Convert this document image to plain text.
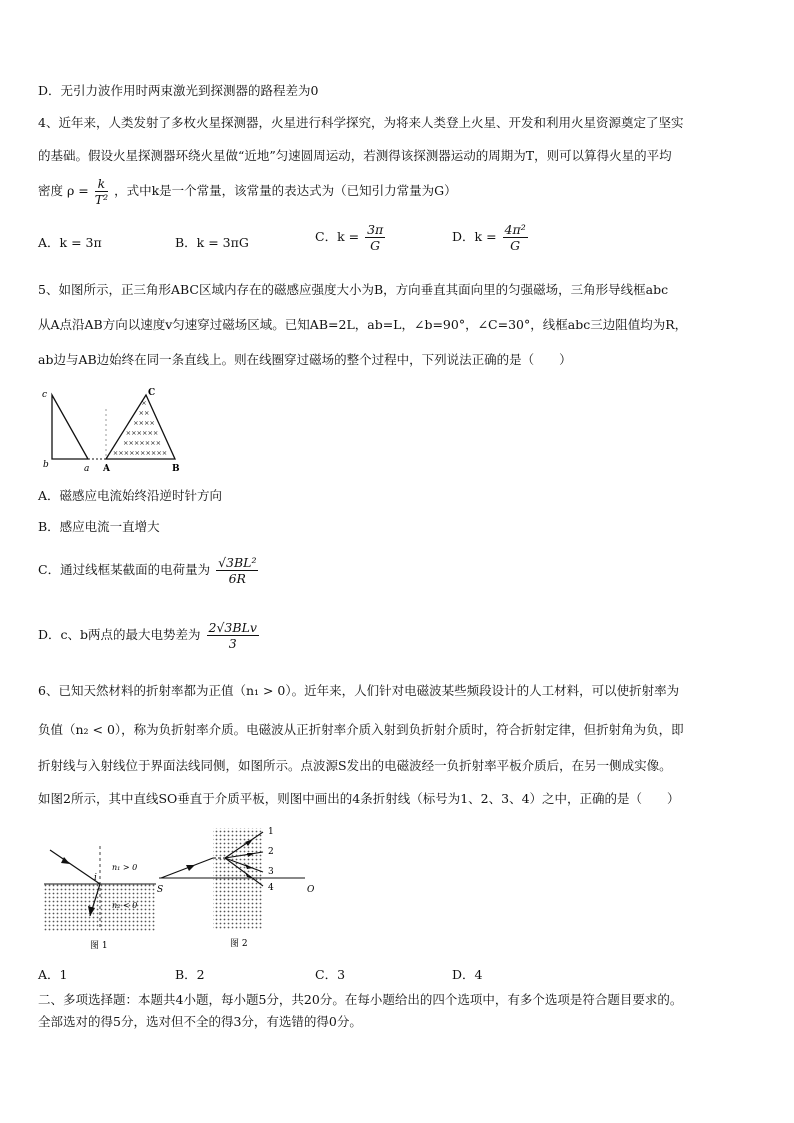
D．无引力波作用时两束激光到探测器的路程差为0
4、近年来，人类发射了多枚火星探测器，火星进行科学探究，为将来人类登上火星、开发和利用火星资源奠定了坚实
的基础。假设火星探测器环绕火星做“近地”匀速圆周运动，若测得该探测器运动的周期为T，则可以算得火星的平均
密度 $\rho = \frac{k}{\text{T²}}$ ，式中k是一个常量，该常量的表达式为（已知引力常量为G）
A．k = 3π	B．k = 3πG	C．$k = \frac{3\pi}{G}$	D．$k = \frac{\text{4π²}}{G}$
5、如图所示，正三角形ABC区域内存在的磁感应强度大小为B，方向垂直其面向里的匀强磁场，三角形导线框abc
从A点沿AB方向以速度v匀速穿过磁场区域。已知AB=2L，ab=L，∠b=90°，∠C=30°，线框abc三边阻值均为R，
ab边与AB边始终在同一条直线上。则在线圈穿过磁场的整个过程中，下列说法正确的是（　　）
c
b	a A	B
C
×
××
××××
××××××
×××××××
××××××××××
A．磁感应电流始终沿逆时针方向
B．感应电流一直增大
C．通过线框某截面的电荷量为 $\frac{\text{√3BL²}}{6R}$
D．c、b两点的最大电势差为 $\frac{\text{2√3BLv}}{3}$
6、已知天然材料的折射率都为正值（n₁ > 0）。近年来，人们针对电磁波某些频段设计的人工材料，可以使折射率为
负值（n₂ < 0），称为负折射率介质。电磁波从正折射率介质入射到负折射介质时，符合折射定律，但折射角为负，即
折射线与入射线位于界面法线同侧，如图所示。点波源S发出的电磁波经一负折射率平板介质后，在另一侧成实像。
如图2所示，其中直线SO垂直于介质平板，则图中画出的4条折射线（标号为1、2、3、4）之中，正确的是（　　）
i
n₁ > 0
n₂ < 0
图 1
1
2
3
4
S	O
图 2
A．1	B．2	C．3	D．4
二、多项选择题：本题共4小题，每小题5分，共20分。在每小题给出的四个选项中，有多个选项是符合题目要求的。
全部选对的得5分，选对但不全的得3分，有选错的得0分。
